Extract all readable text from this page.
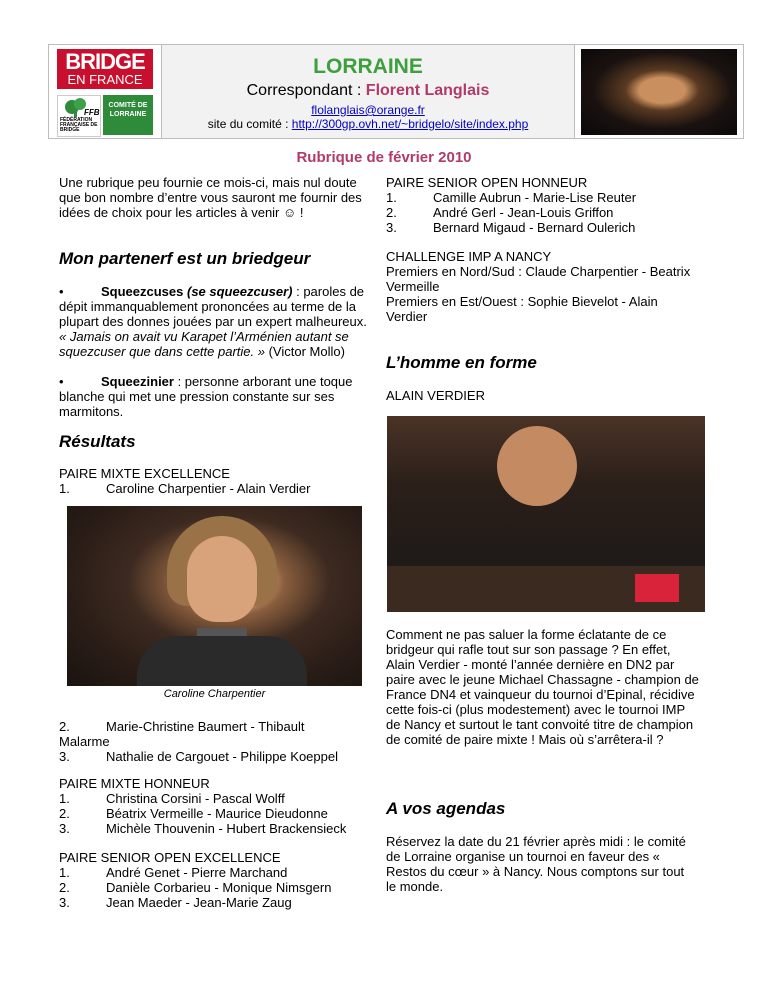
BRIDGE
EN FRANCE
FFB
FÉDÉRATION FRANÇAISE DE BRIDGE
COMITÉ DE
LORRAINE
LORRAINE
Correspondant : Florent Langlais
flolanglais@orange.fr
site du comité : http://300gp.ovh.net/~bridgelo/site/index.php
Rubrique de février 2010

Une rubrique peu fournie ce mois-ci, mais nul doute que bon nombre d’entre vous sauront me fournir des idées de choix pour les articles à venir ☺ !

Mon partenerf est un briedgeur

•	Squeezcuses (se squeezcuser) : paroles de dépit immanquablement prononcées au terme de la plupart des donnes jouées par un expert malheureux. « Jamais on avait vu Karapet l’Arménien autant se squezcuser que dans cette partie. » (Victor Mollo)

•	Squeezinier : personne arborant une toque blanche qui met une pression constante sur ses marmitons.

Résultats

PAIRE MIXTE EXCELLENCE

1.	Caroline Charpentier - Alain Verdier

Caroline Charpentier

2.	Marie-Christine Baumert - Thibault

Malarme

3.	Nathalie de Cargouet - Philippe Koeppel

PAIRE MIXTE HONNEUR

1.	Christina Corsini - Pascal Wolff

2.	Béatrix Vermeille - Maurice Dieudonne

3.	Michèle Thouvenin - Hubert Brackensieck

PAIRE SENIOR OPEN EXCELLENCE

1.	André Genet - Pierre Marchand

2.	Danièle Corbarieu - Monique Nimsgern

3.	Jean Maeder - Jean-Marie Zaug

PAIRE SENIOR OPEN HONNEUR

1.	Camille Aubrun - Marie-Lise Reuter

2.	André Gerl - Jean-Louis Griffon

3.	Bernard Migaud - Bernard Oulerich

CHALLENGE IMP A NANCY

Premiers en Nord/Sud : Claude Charpentier - Beatrix Vermeille

Premiers en Est/Ouest : Sophie Bievelot - Alain Verdier

L’homme en forme

ALAIN VERDIER

Comment ne pas saluer la forme éclatante de ce bridgeur qui rafle tout sur son passage ? En effet, Alain Verdier - monté l’année dernière en DN2 par paire avec le jeune Michael Chassagne - champion de France DN4 et vainqueur du tournoi d’Epinal, récidive cette fois-ci (plus modestement) avec le tournoi IMP de Nancy et surtout le tant convoité titre de champion de comité de paire mixte ! Mais où s’arrêtera-il ?

A vos agendas

Réservez la date du 21 février après midi : le comité de Lorraine organise un tournoi en faveur des « Restos du cœur » à Nancy. Nous comptons sur tout le monde.
